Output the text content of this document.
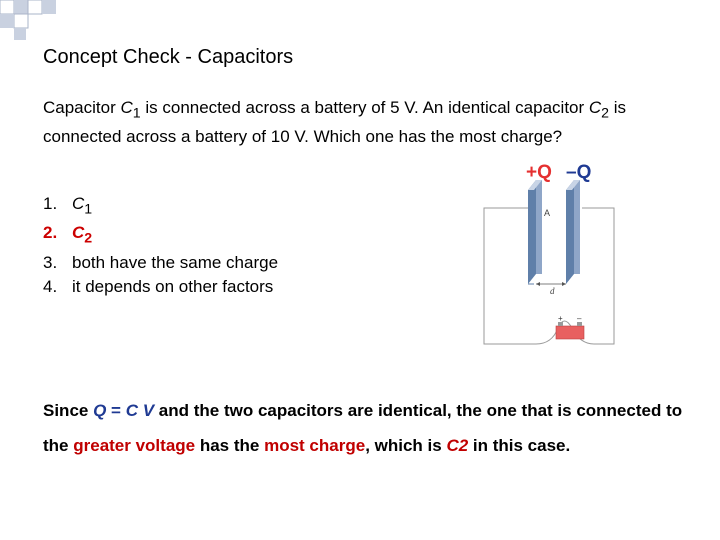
Concept Check - Capacitors
Capacitor $C_1$ is connected across a battery of 5 V. An identical capacitor $C_2$ is connected across a battery of 10 V. Which one has the most charge?
1. $C_1$
2. $C_2$
3. both have the same charge
4. it depends on other factors	d
A
+Q –Q
+ –
Since Q = C V and the two capacitors are identical, the one that is connected to the greater voltage has the most charge, which is C2 in this case.
